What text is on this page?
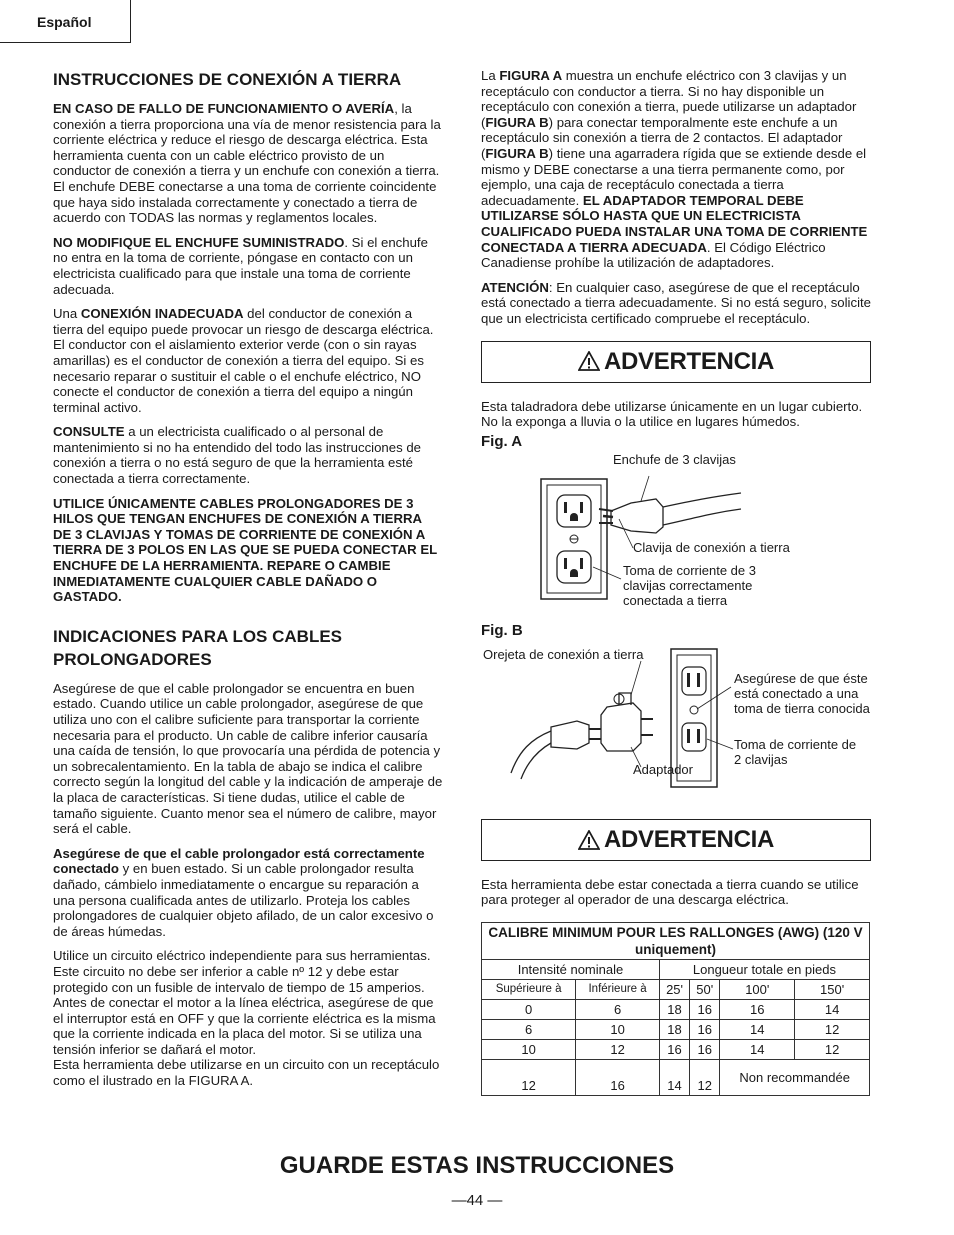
Español
INSTRUCCIONES DE CONEXIÓN A TIERRA

EN CASO DE FALLO DE FUNCIONAMIENTO O AVERÍA, la conexión a tierra proporciona una vía de menor resistencia para la corriente eléctrica y reduce el riesgo de descarga eléctrica. Esta herramienta cuenta con un cable eléctrico provisto de un conductor de conexión a tierra y un enchufe con conexión a tierra. El enchufe DEBE conectarse a una toma de corriente coincidente que haya sido instalada correctamente y conectado a tierra de acuerdo con TODAS las normas y reglamentos locales.

NO MODIFIQUE EL ENCHUFE SUMINISTRADO. Si el enchufe no entra en la toma de corriente, póngase en contacto con un electricista cualificado para que instale una toma de corriente adecuada.

Una CONEXIÓN INADECUADA del conductor de conexión a tierra del equipo puede provocar un riesgo de descarga eléctrica. El conductor con el aislamiento exterior verde (con o sin rayas amarillas) es el conductor de conexión a tierra del equipo. Si es necesario reparar o sustituir el cable o el enchufe eléctrico, NO conecte el conductor de conexión a tierra del equipo a ningún terminal activo.

CONSULTE a un electricista cualificado o al personal de mantenimiento si no ha entendido del todo las instrucciones de conexión a tierra o no está seguro de que la herramienta esté conectada a tierra correctamente.

UTILICE ÚNICAMENTE CABLES PROLONGADORES DE 3 HILOS QUE TENGAN ENCHUFES DE CONEXIÓN A TIERRA DE 3 CLAVIJAS Y TOMAS DE CORRIENTE DE CONEXIÓN A TIERRA DE 3 POLOS EN LAS QUE SE PUEDA CONECTAR EL ENCHUFE DE LA HERRAMIENTA. REPARE O CAMBIE INMEDIATAMENTE CUALQUIER CABLE DAÑADO O GASTADO.

INDICACIONES PARA LOS CABLES PROLONGADORES

Asegúrese de que el cable prolongador se encuentra en buen estado. Cuando utilice un cable prolongador, asegúrese de que utiliza uno con el calibre suficiente para transportar la corriente necesaria para el producto. Un cable de calibre inferior causaría una caída de tensión, lo que provocaría una pérdida de potencia y un sobrecalentamiento. En la tabla de abajo se indica el calibre correcto según la longitud del cable y la indicación de amperaje de la placa de características. Si tiene dudas, utilice el cable de tamaño siguiente. Cuanto menor sea el número de calibre, mayor será el cable.

Asegúrese de que el cable prolongador está correctamente conectado y en buen estado. Si un cable prolongador resulta dañado, cámbielo inmediatamente o encargue su reparación a una persona cualificada antes de utilizarlo. Proteja los cables prolongadores de cualquier objeto afilado, de un calor excesivo o de áreas húmedas.

Utilice un circuito eléctrico independiente para sus herramientas. Este circuito no debe ser inferior a cable nº 12 y debe estar protegido con un fusible de intervalo de tiempo de 15 amperios. Antes de conectar el motor a la línea eléctrica, asegúrese de que el interruptor está en OFF y que la corriente eléctrica es la misma que la corriente indicada en la placa del motor. Si se utiliza una tensión inferior se dañará el motor.

Esta herramienta debe utilizarse en un circuito con un receptáculo como el ilustrado en la FIGURA A.

La FIGURA A muestra un enchufe eléctrico con 3 clavijas y un receptáculo con conductor a tierra. Si no hay disponible un receptáculo con conexión a tierra, puede utilizarse un adaptador (FIGURA B) para conectar temporalmente este enchufe a un receptáculo sin conexión a tierra de 2 contactos. El adaptador (FIGURA B) tiene una agarradera rígida que se extiende desde el mismo y DEBE conectarse a una tierra permanente como, por ejemplo, una caja de receptáculo conectada a tierra adecuadamente. EL ADAPTADOR TEMPORAL DEBE UTILIZARSE SÓLO HASTA QUE UN ELECTRICISTA CUALIFICADO PUEDA INSTALAR UNA TOMA DE CORRIENTE CONECTADA A TIERRA ADECUADA. El Código Eléctrico Canadiense prohíbe la utilización de adaptadores.

ATENCIÓN: En cualquier caso, asegúrese de que el receptáculo está conectado a tierra adecuadamente. Si no está seguro, solicite que un electricista certificado compruebe el receptáculo.

ADVERTENCIA

Esta taladradora debe utilizarse únicamente en un lugar cubierto. No la exponga a lluvia o la utilice en lugares húmedos.

Fig. A
Enchufe de 3 clavijas
Clavija de conexión a tierra
Toma de corriente de 3 clavijas correctamente conectada a tierra
Fig. B
Orejeta de conexión a tierra
Asegúrese de que éste está conectado a una toma de tierra conocida
Toma de corriente de 2 clavijas
Adaptador
ADVERTENCIA

Esta herramienta debe estar conectada a tierra cuando se utilice para proteger al operador de una descarga eléctrica.

CALIBRE MINIMUM POUR LES RALLONGES (AWG) (120 V uniquement)					
Intensité nominale		Longueur totale en pieds			
Supérieure à	Inférieure à	25'	50'	100'	150'
0	6	18	16	16	14
6	10	18	16	14	12
10	12	16	16	14	12
12	16	14	12	Non recommandée	
GUARDE ESTAS INSTRUCCIONES
—44 —
